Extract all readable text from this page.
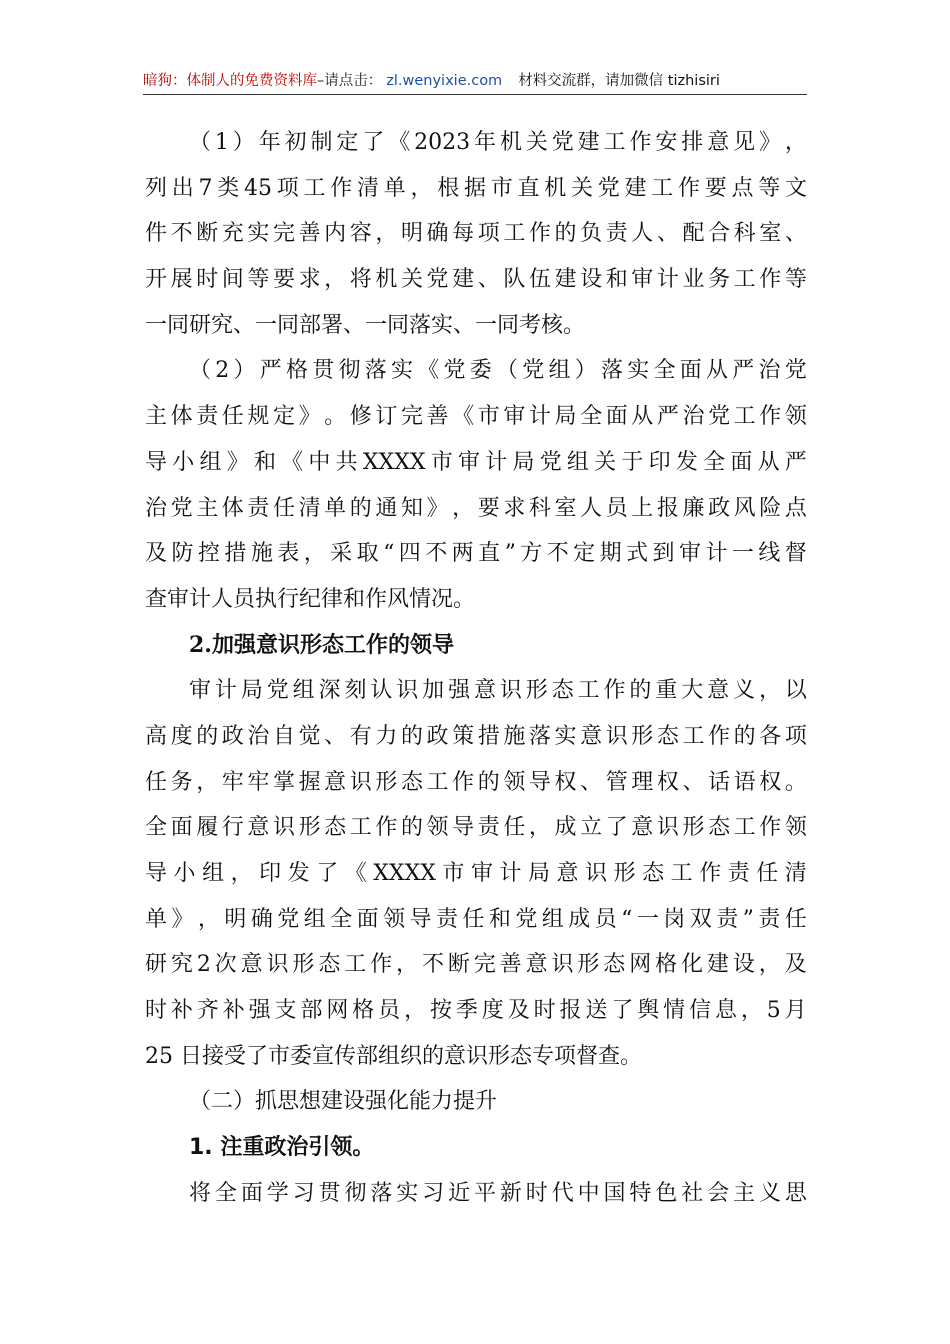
暗狗：体制人的免费资料库–请点击： zl.wenyixie.com 材料交流群，请加微信 tizhisiri
（ 1 ） 年 初 制 定 了 《 2023 年 机 关 党 建 工 作 安 排 意 见 》 ，
列 出 7 类 45 项 工 作 清 单 ， 根 据 市 直 机 关 党 建 工 作 要 点 等 文
件 不 断 充 实 完 善 内 容 ， 明 确 每 项 工 作 的 负 责 人 、 配 合 科 室 、
开 展 时 间 等 要 求 ， 将 机 关 党 建 、 队 伍 建 设 和 审 计 业 务 工 作 等
一同研究、一同部署、一同落实、一同考核。
（ 2 ） 严 格 贯 彻 落 实 《 党 委 （ 党 组 ） 落 实 全 面 从 严 治 党
主 体 责 任 规 定 》 。 修 订 完 善 《 市 审 计 局 全 面 从 严 治 党 工 作 领
导 小 组 》 和 《 中 共 XXXX 市 审 计 局 党 组 关 于 印 发 全 面 从 严
治 党 主 体 责 任 清 单 的 通 知 》 ， 要 求 科 室 人 员 上 报 廉 政 风 险 点
及 防 控 措 施 表 ， 采 取 “ 四 不 两 直 ” 方 不 定 期 式 到 审 计 一 线 督
查审计人员执行纪律和作风情况。
2.加强意识形态工作的领导
审 计 局 党 组 深 刻 认 识 加 强 意 识 形 态 工 作 的 重 大 意 义 ， 以
高 度 的 政 治 自 觉 、 有 力 的 政 策 措 施 落 实 意 识 形 态 工 作 的 各 项
任 务 ， 牢 牢 掌 握 意 识 形 态 工 作 的 领 导 权 、 管 理 权 、 话 语 权 。
全 面 履 行 意 识 形 态 工 作 的 领 导 责 任 ， 成 立 了 意 识 形 态 工 作 领
导 小 组 ， 印 发 了 《 XXXX 市 审 计 局 意 识 形 态 工 作 责 任 清
单 》 ， 明 确 党 组 全 面 领 导 责 任 和 党 组 成 员 “ 一 岗 双 责 ” 责 任
研 究 2 次 意 识 形 态 工 作 ， 不 断 完 善 意 识 形 态 网 格 化 建 设 ， 及
时 补 齐 补 强 支 部 网 格 员 ， 按 季 度 及 时 报 送 了 舆 情 信 息 ， 5 月
25 日接受了市委宣传部组织的意识形态专项督查。
（二）抓思想建设强化能力提升
1. 注重政治引领。
将 全 面 学 习 贯 彻 落 实 习 近 平 新 时 代 中 国 特 色 社 会 主 义 思
